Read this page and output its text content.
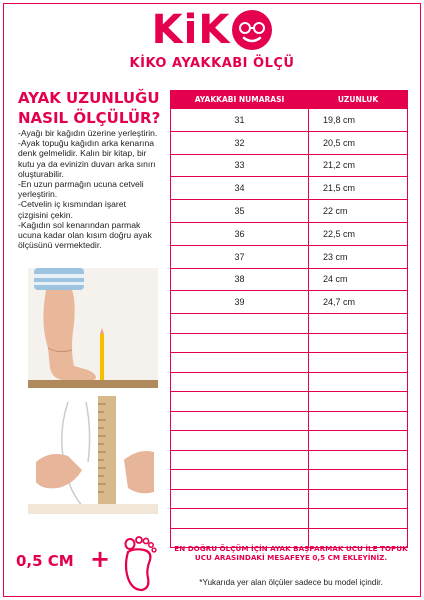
KiK
KİKO AYAKKABI ÖLÇÜ
AYAK UZUNLUĞU
NASIL ÖLÇÜLÜR?

-Ayağı bir kağıdın üzerine yerleştirin.

-Ayak topuğu kağıdın arka kenarına denk gelmelidir. Kalın bir kitap, bir kutu ya da evinizin duvarı arka sınırı oluşturabilir.

-En uzun parmağın ucuna cetveli yerleştirin.

-Cetvelin iç kısmından işaret çizgisini çekin.

-Kağıdın sol kenarından parmak ucuna kadar olan kısım doğru ayak ölçüsünü vermektedir.

AYAKKABI NUMARASI	UZUNLUK
31	19,8 cm
32	20,5 cm
33	21,2 cm
34	21,5 cm
35	22 cm
36	22,5 cm
37	23 cm
38	24 cm
39	24,7 cm

0,5 CM +	EN DOĞRU ÖLÇÜM İÇİN AYAK BAŞPARMAK UCU İLE TOPUK UCU ARASINDAKİ MESAFEYE 0,5 CM EKLEYİNİZ.
*Yukarıda yer alan ölçüler sadece bu model içindir.
